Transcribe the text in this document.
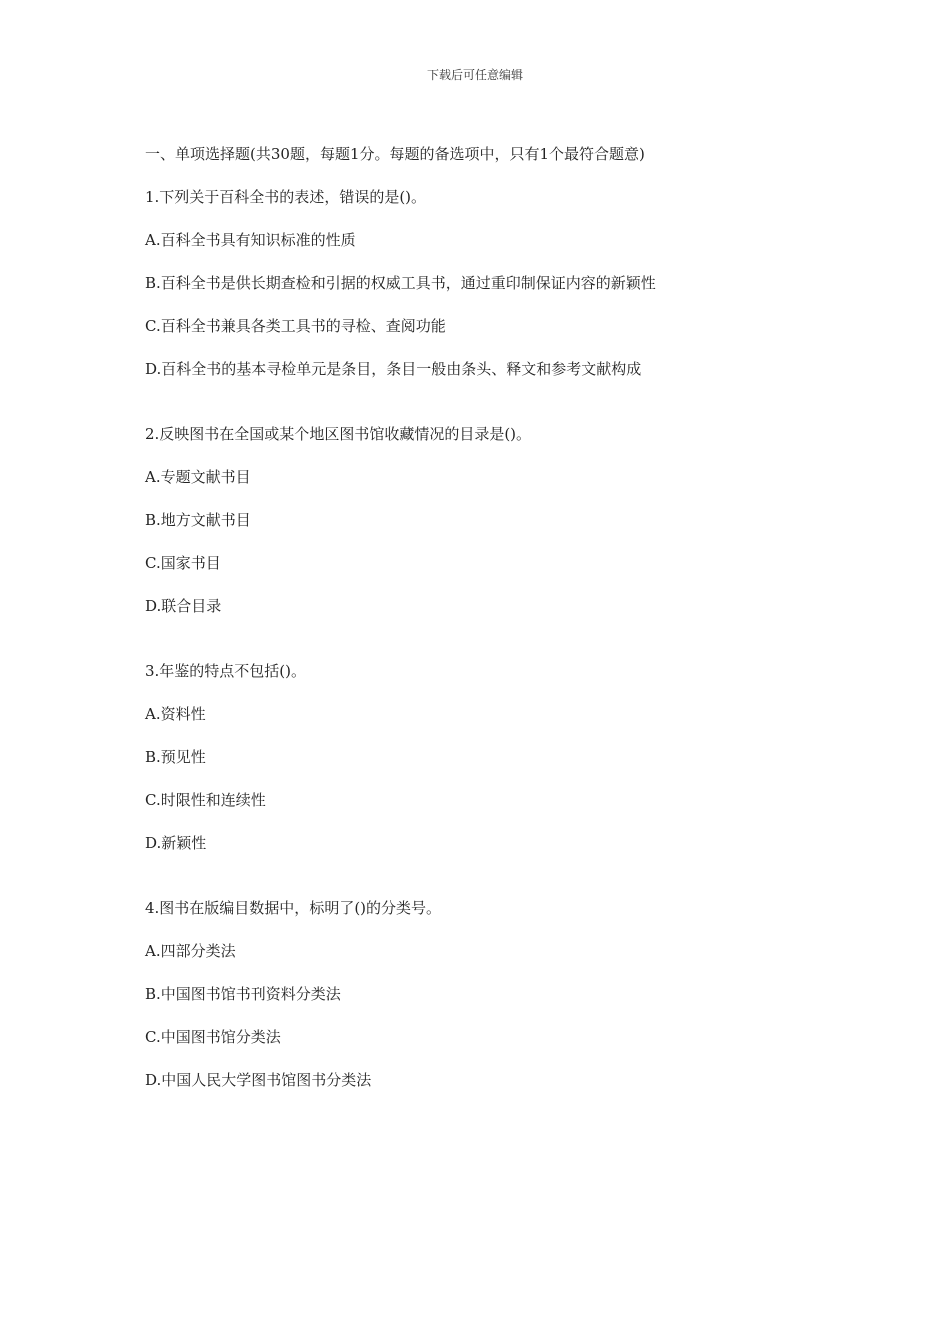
下载后可任意编辑
一、单项选择题(共30题，每题1分。每题的备选项中，只有1个最符合题意)
1.下列关于百科全书的表述，错误的是()。
A.百科全书具有知识标准的性质
B.百科全书是供长期查检和引据的权威工具书，通过重印制保证内容的新颖性
C.百科全书兼具各类工具书的寻检、查阅功能
D.百科全书的基本寻检单元是条目，条目一般由条头、释文和参考文献构成
2.反映图书在全国或某个地区图书馆收藏情况的目录是()。
A.专题文献书目
B.地方文献书目
C.国家书目
D.联合目录
3.年鉴的特点不包括()。
A.资料性
B.预见性
C.时限性和连续性
D.新颖性
4.图书在版编目数据中，标明了()的分类号。
A.四部分类法
B.中国图书馆书刊资料分类法
C.中国图书馆分类法
D.中国人民大学图书馆图书分类法
